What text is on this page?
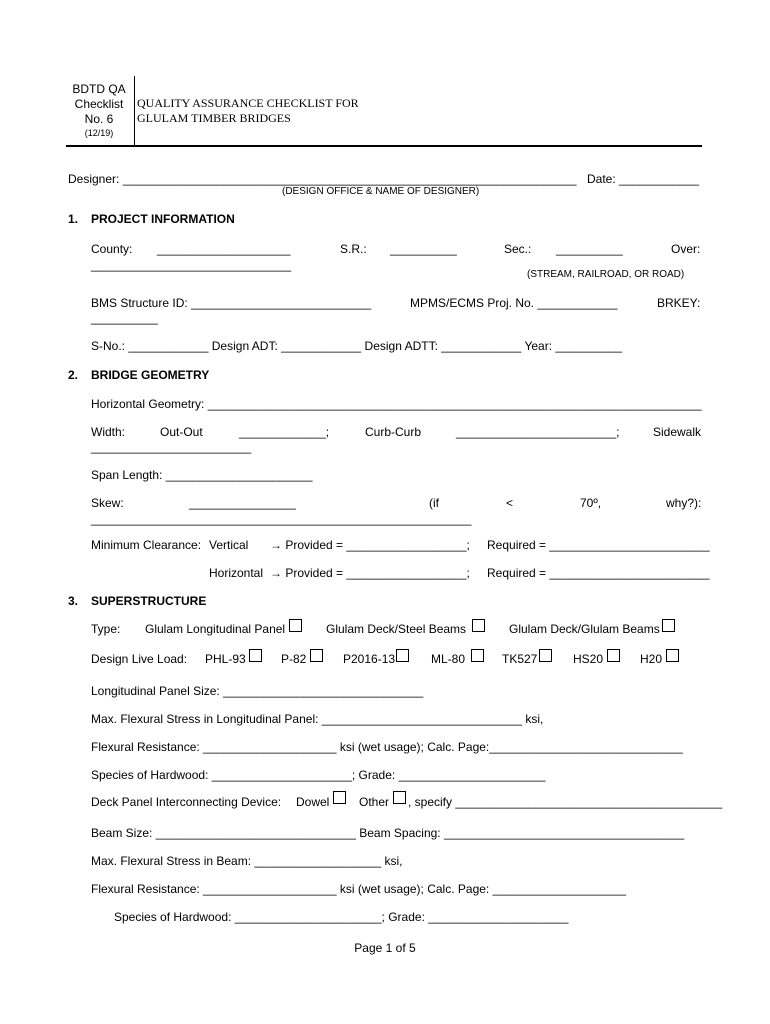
BDTD QA
Checklist
No. 6
(12/19)
QUALITY ASSURANCE CHECKLIST FOR
GLULAM TIMBER BRIDGES
Designer: ____________________________________________________________________ Date: ____________
(DESIGN OFFICE & NAME OF DESIGNER)
1. PROJECT INFORMATION
County: ____________________	S.R.: __________	Sec.: __________	Over:
______________________________
(STREAM, RAILROAD, OR ROAD)
BMS Structure ID: ___________________________	MPMS/ECMS Proj. No. ____________	BRKEY:
__________
S-No.: ____________ Design ADT: ____________ Design ADTT: ____________ Year: __________
2. BRIDGE GEOMETRY
Horizontal Geometry: __________________________________________________________________________
Width:	Out-Out	_____________;	Curb-Curb	________________________;	Sidewalk
________________________
Span Length: ______________________
Skew:	________________	(if	<	70º,	why?):
_________________________________________________________
Minimum Clearance: Vertical → Provided = __________________; Required = ________________________
Horizontal → Provided = __________________; Required = ________________________
3. SUPERSTRUCTURE
Type: Glulam Longitudinal Panel	Glulam Deck/Steel Beams	Glulam Deck/Glulam Beams
Design Live Load: PHL-93	P-82	P2016-13	ML-80	TK527	HS20	H20
Longitudinal Panel Size: ______________________________
Max. Flexural Stress in Longitudinal Panel: ______________________________ ksi,
Flexural Resistance: ____________________ ksi (wet usage); Calc. Page:_____________________________
Species of Hardwood: _____________________; Grade: ______________________
Deck Panel Interconnecting Device: Dowel Other , specify ________________________________________
Beam Size: ______________________________ Beam Spacing: ____________________________________
Max. Flexural Stress in Beam: ___________________ ksi,
Flexural Resistance: ____________________ ksi (wet usage); Calc. Page: ____________________
Species of Hardwood: ______________________; Grade: _____________________
Page 1 of 5
